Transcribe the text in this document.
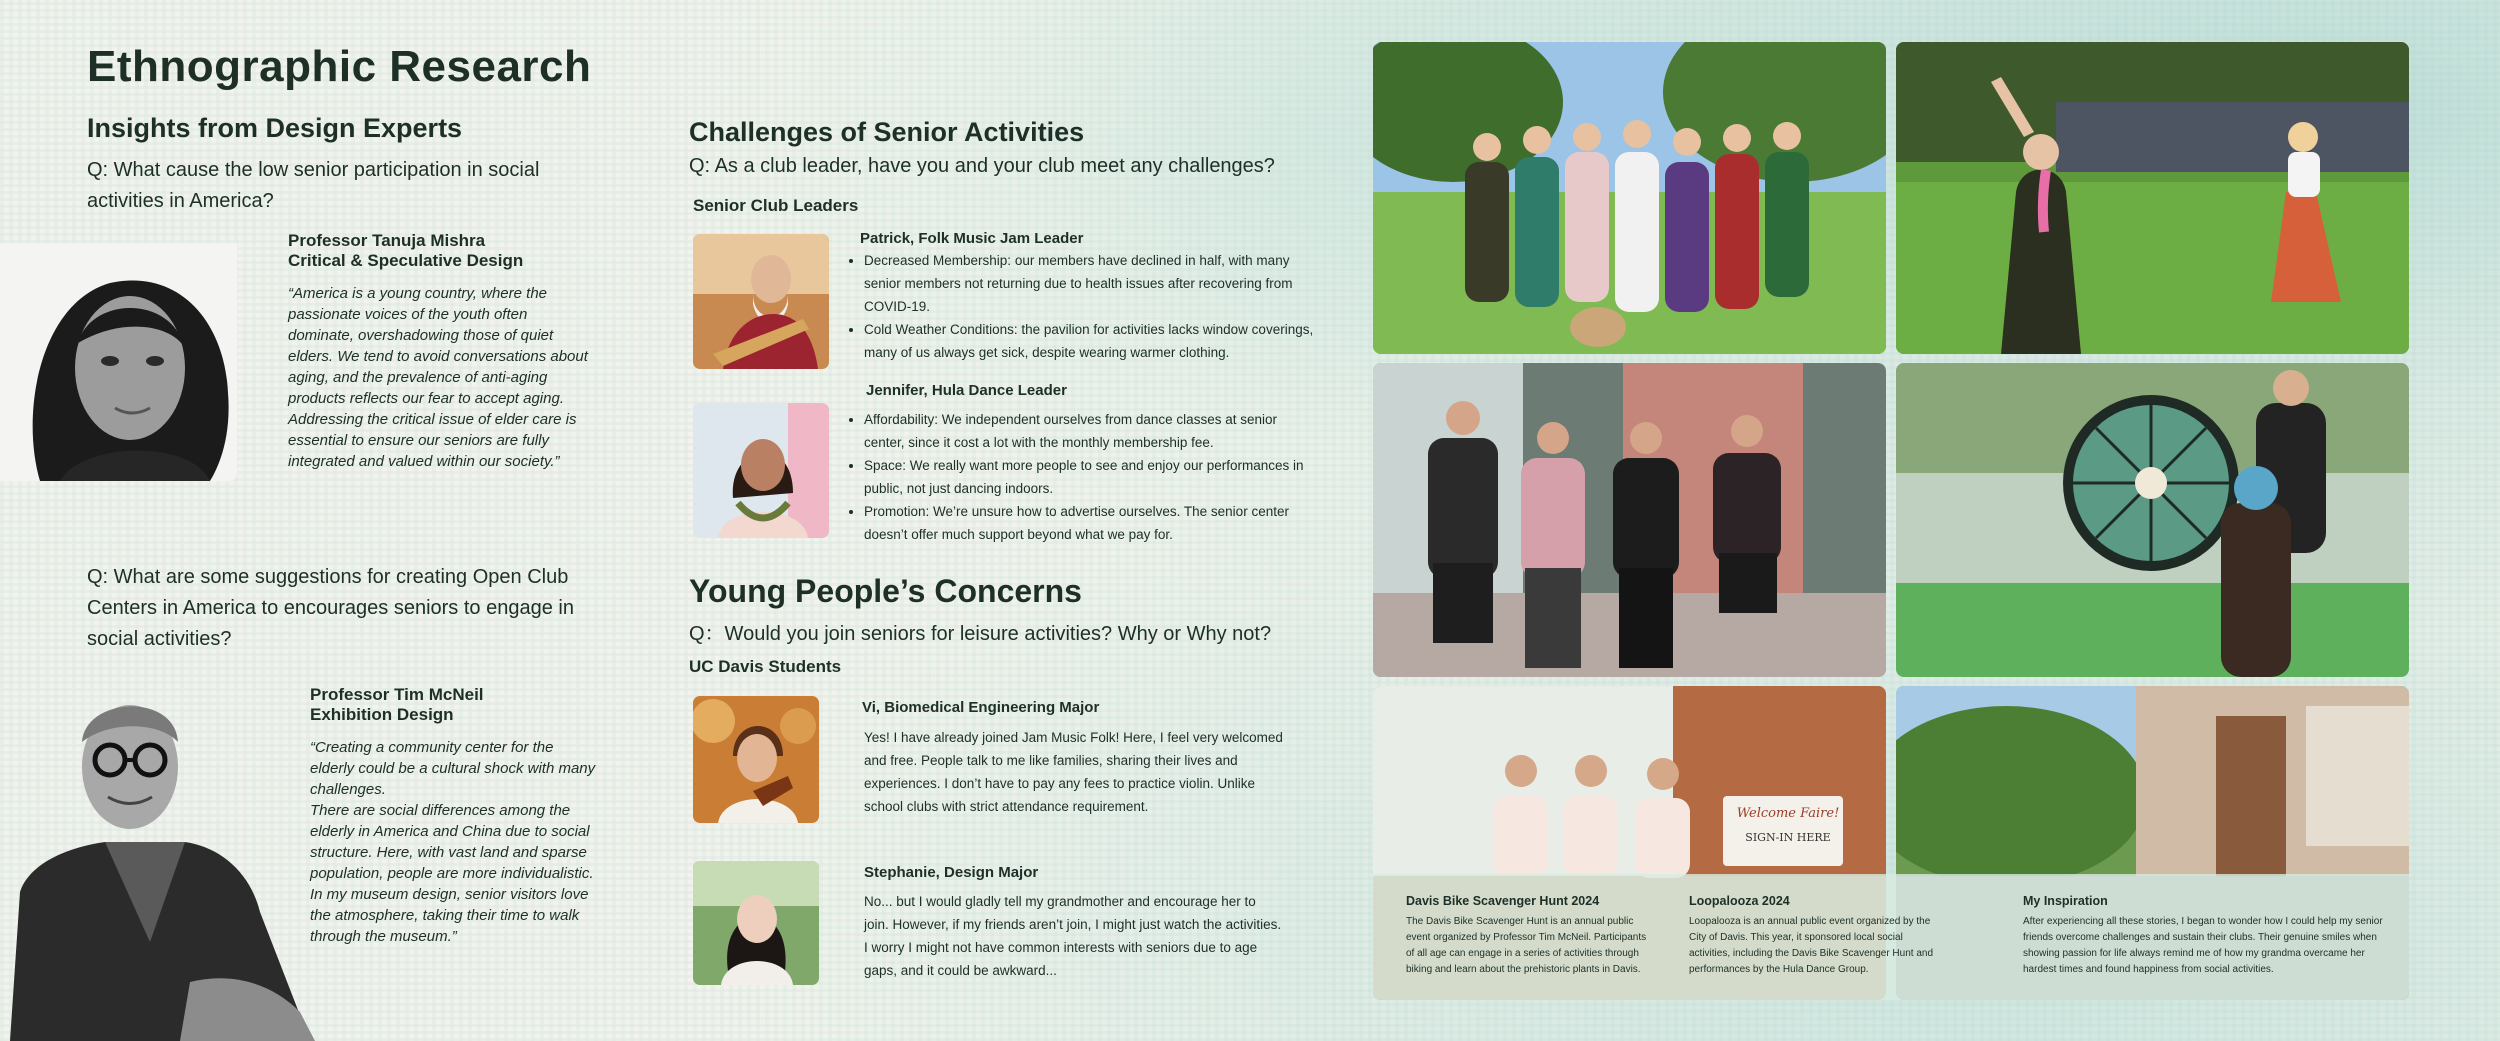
Ethnographic Research
Insights from Design Experts
Q: What cause the low senior participation in social activities in America?
Professor Tanuja Mishra
Critical & Speculative Design
“America is a young country, where the passionate voices of the youth often dominate, overshadowing those of quiet elders. We tend to avoid conversations about aging, and the prevalence of anti-aging products reflects our fear to accept aging.
Addressing the critical issue of elder care is essential to ensure our seniors are fully integrated and valued within our society.”
Q: What are some suggestions for creating Open Club Centers in America to encourages seniors to engage in social activities?
Professor Tim McNeil
Exhibition Design
“Creating a community center for the elderly could be a cultural shock with many challenges.
There are social differences among the elderly in America and China due to social structure. Here, with vast land and sparse population, people are more individualistic.
In my museum design, senior visitors love the atmosphere, taking their time to walk through the museum.”
Challenges of Senior Activities
Q: As a club leader, have you and your club meet any challenges?
Senior Club Leaders
Patrick, Folk Music Jam Leader
• Decreased Membership: our members have declined in half, with many senior members not returning due to health issues after recovering from COVID-19.
• Cold Weather Conditions: the pavilion for activities lacks window coverings, many of us always get sick, despite wearing warmer clothing.
Jennifer, Hula Dance Leader
• Affordability: We independent ourselves from dance classes at senior center, since it cost a lot with the monthly membership fee.
• Space: We really want more people to see and enjoy our performances in public, not just dancing indoors.
• Promotion: We’re unsure how to advertise ourselves. The senior center doesn’t offer much support beyond what we pay for.
Young People’s Concerns
Q：Would you join seniors for leisure activities? Why or Why not?
UC Davis Students
Vi, Biomedical Engineering Major
Yes! I have already joined Jam Music Folk! Here, I feel very welcomed and free. People talk to me like families, sharing their lives and experiences. I don’t have to pay any fees to practice violin. Unlike school clubs with strict attendance requirement.
Stephanie, Design Major
No... but I would gladly tell my grandmother and encourage her to join. However, if my friends aren’t join, I might just watch the activities. I worry I might not have common interests with seniors due to age gaps, and it could be awkward...
Welcome Faire!
SIGN-IN HERE
Davis Bike Scavenger Hunt 2024
The Davis Bike Scavenger Hunt is an annual public event organized by Professor Tim McNeil. Participants of all age can engage in a series of activities through biking and learn about the prehistoric plants in Davis.
Loopalooza 2024
Loopalooza is an annual public event organized by the City of Davis. This year, it sponsored local social activities, including the Davis Bike Scavenger Hunt and performances by the Hula Dance Group.
My Inspiration
After experiencing all these stories, I began to wonder how I could help my senior friends overcome challenges and sustain their clubs. Their genuine smiles when showing passion for life always remind me of how my grandma overcame her hardest times and found happiness from social activities.
